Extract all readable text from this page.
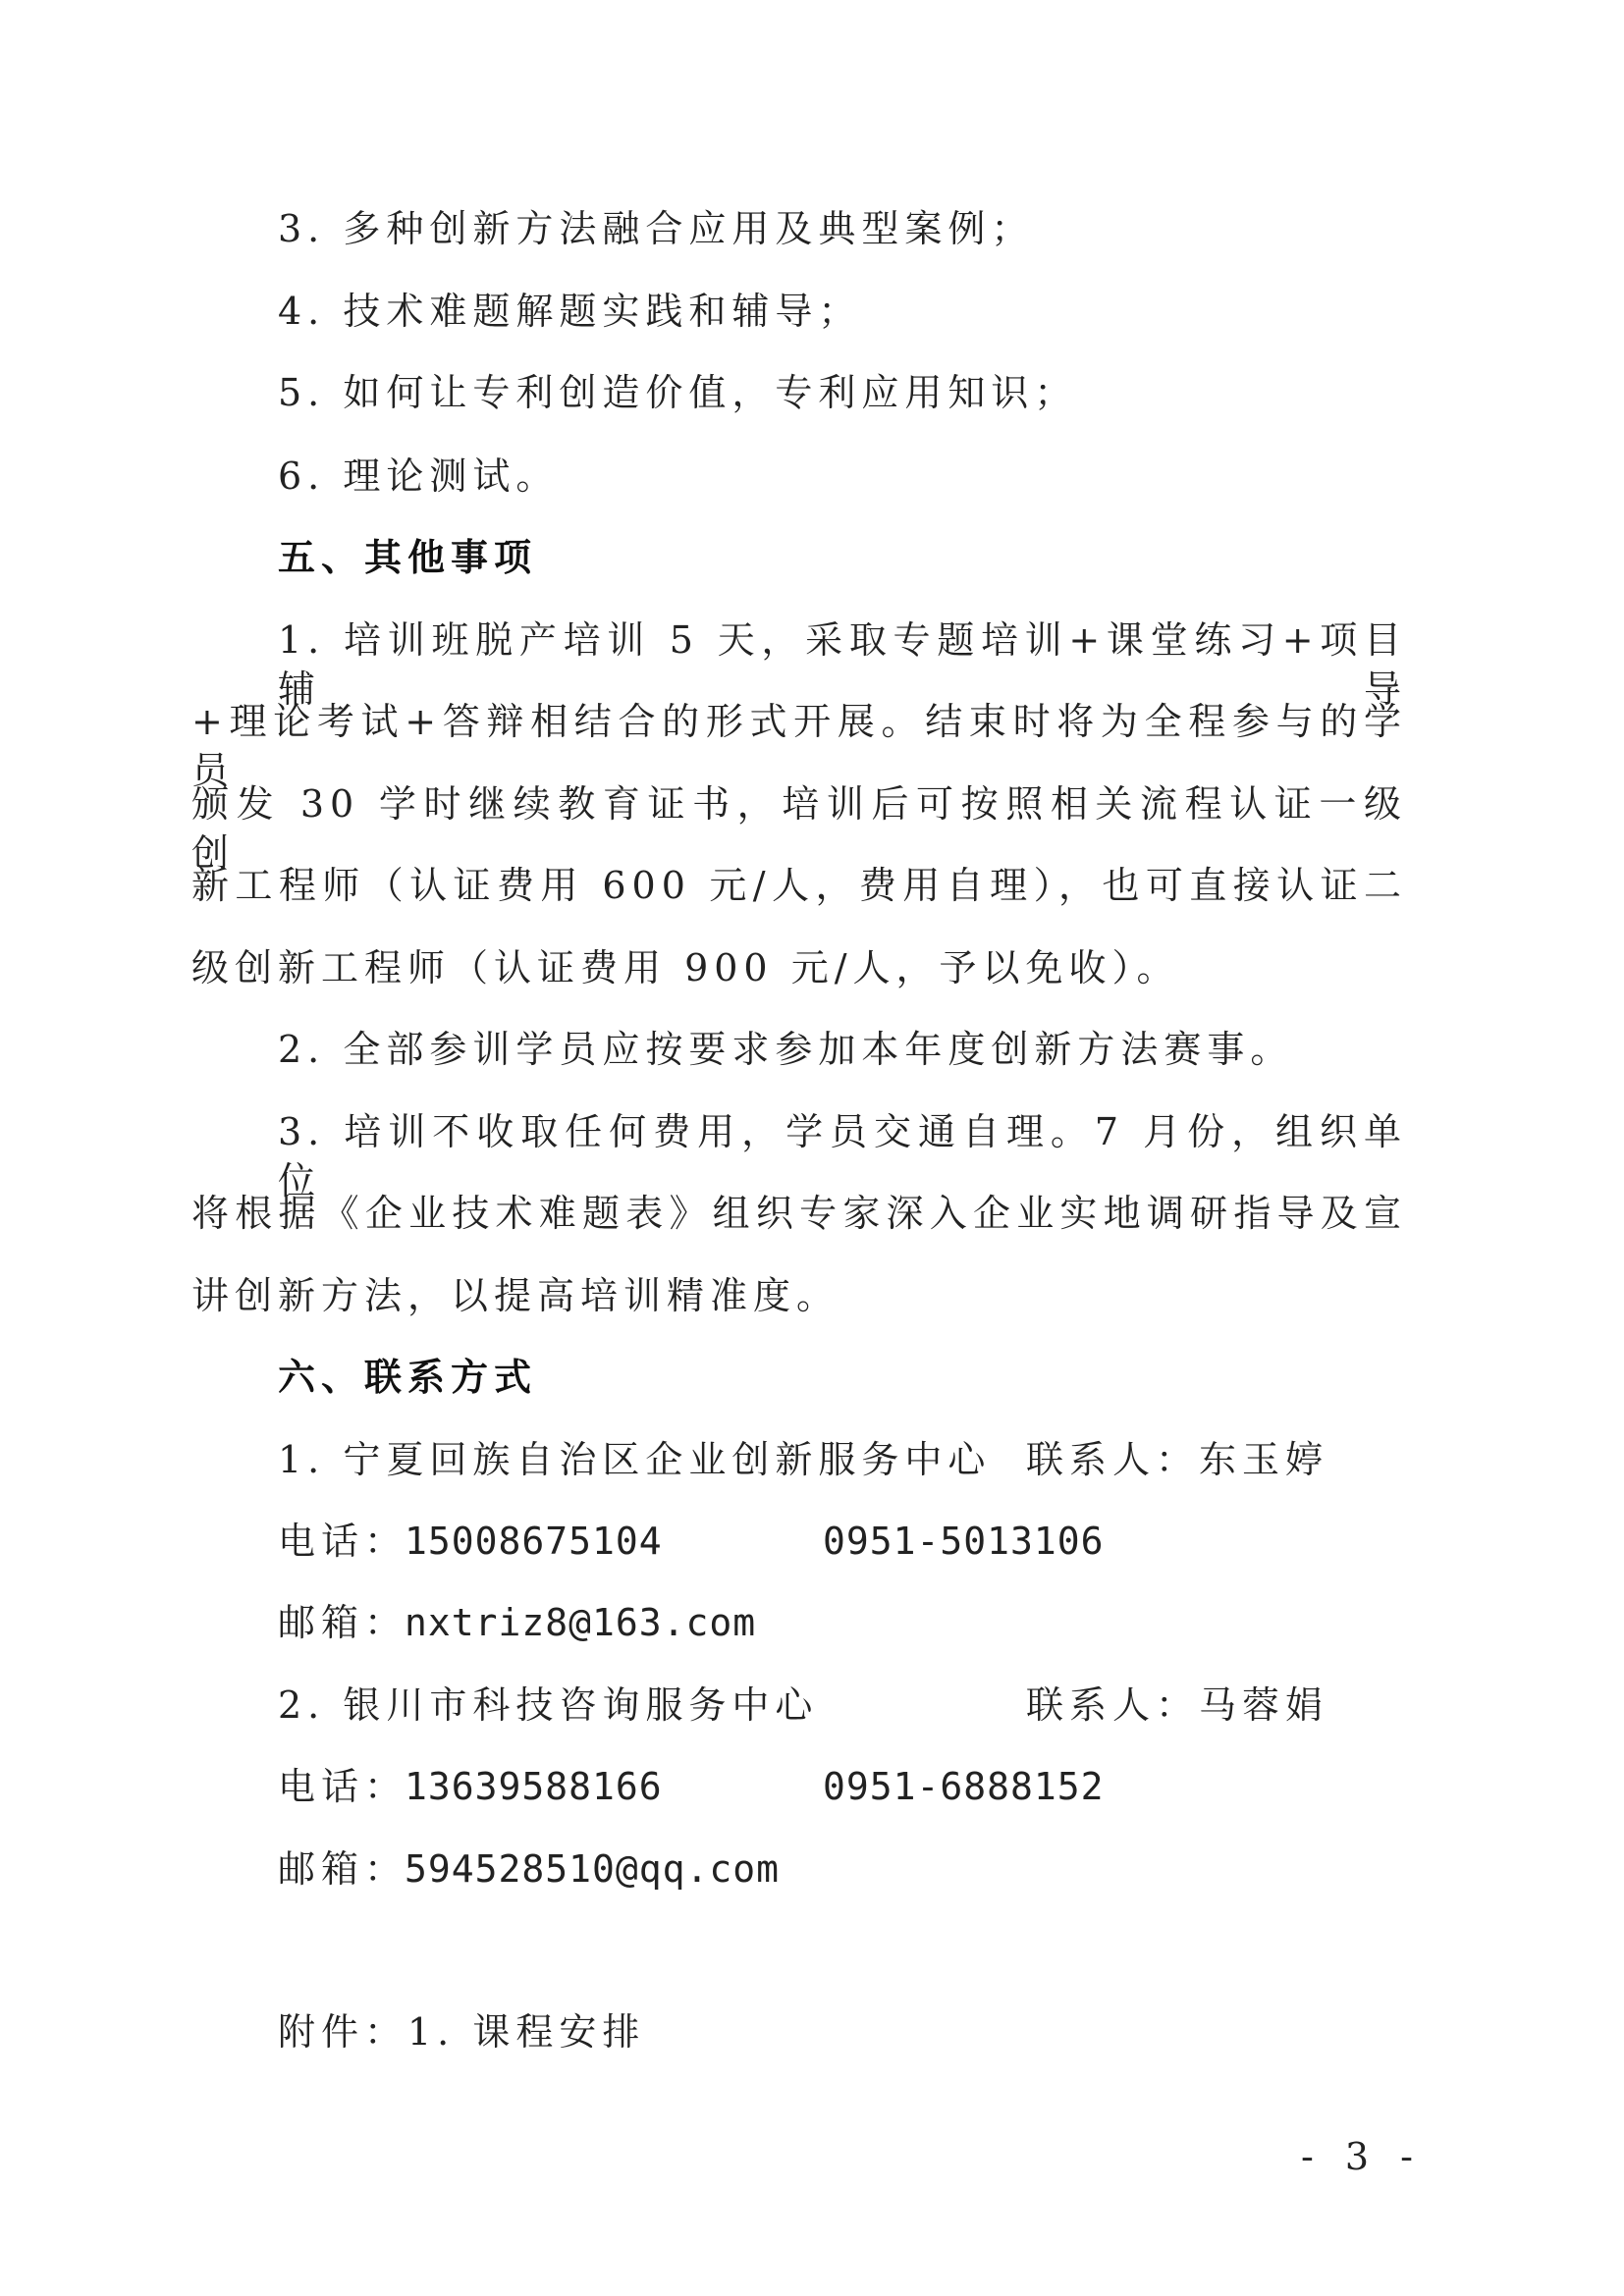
3. 多种创新方法融合应用及典型案例；

4. 技术难题解题实践和辅导；

5. 如何让专利创造价值，专利应用知识；

6. 理论测试。

五、其他事项

1. 培训班脱产培训 5 天，采取专题培训+课堂练习+项目辅导

+理论考试+答辩相结合的形式开展。结束时将为全程参与的学员

颁发 30 学时继续教育证书，培训后可按照相关流程认证一级创

新工程师（认证费用 600 元/人，费用自理），也可直接认证二

级创新工程师（认证费用 900 元/人，予以免收）。

2. 全部参训学员应按要求参加本年度创新方法赛事。

3. 培训不收取任何费用，学员交通自理。7 月份，组织单位

将根据《企业技术难题表》组织专家深入企业实地调研指导及宣

讲创新方法，以提高培训精准度。

六、联系方式

1. 宁夏回族自治区企业创新服务中心 联系人：东玉婷

电话：

15008675104	0951-5013106

邮箱：

nxtriz8@163.com

2. 银川市科技咨询服务中心	联系人：马蓉娟

电话：

13639588166	0951-6888152

邮箱：

594528510@qq.com

附件：1. 课程安排

- 3 -
